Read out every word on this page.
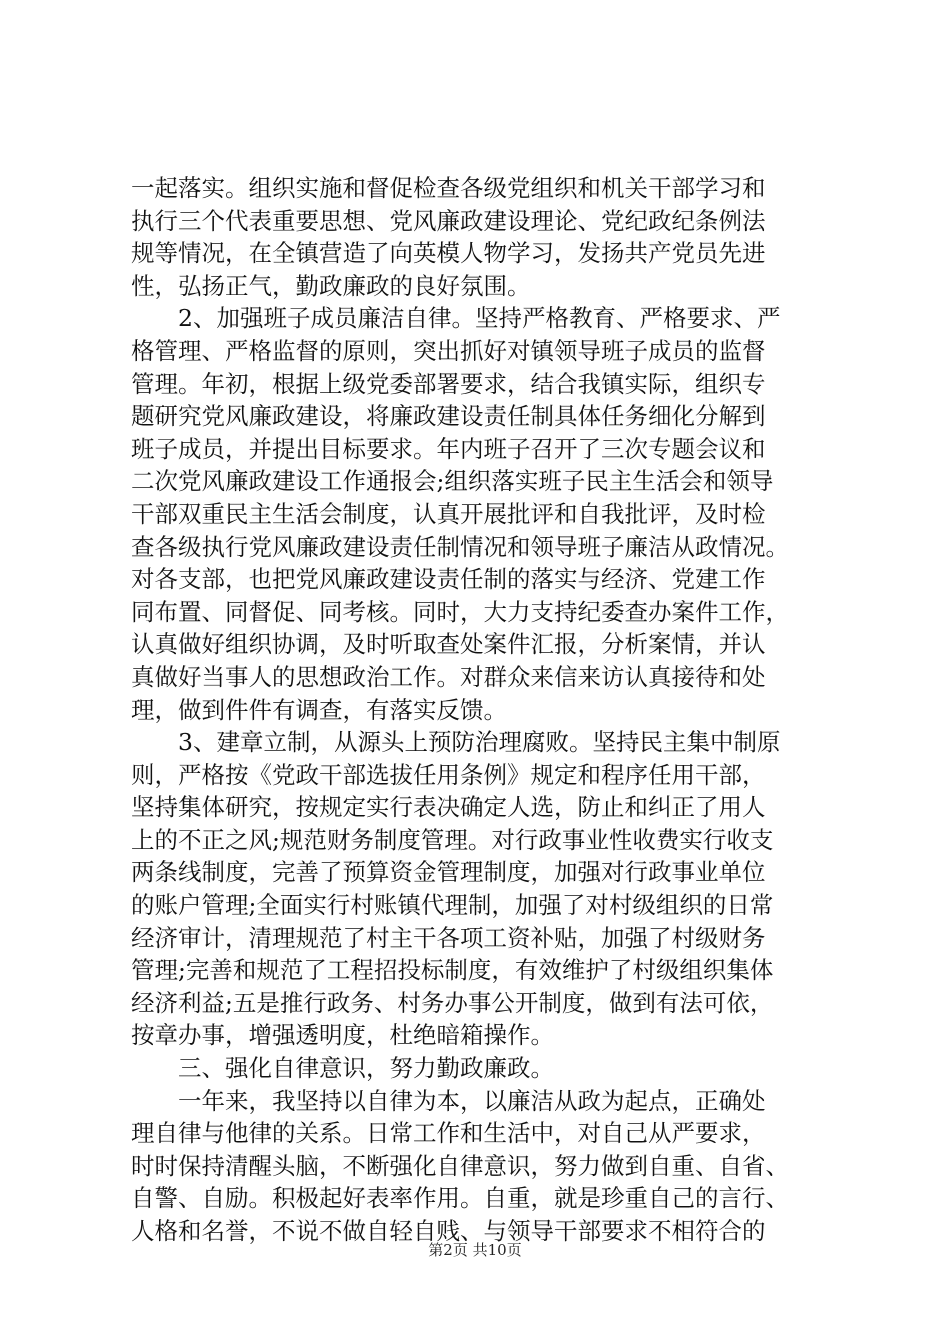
一起落实。组织实施和督促检查各级党组织和机关干部学习和
执行三个代表重要思想、党风廉政建设理论、党纪政纪条例法
规等情况，在全镇营造了向英模人物学习，发扬共产党员先进
性，弘扬正气，勤政廉政的良好氛围。
2、加强班子成员廉洁自律。坚持严格教育、严格要求、严
格管理、严格监督的原则，突出抓好对镇领导班子成员的监督
管理。年初，根据上级党委部署要求，结合我镇实际，组织专
题研究党风廉政建设，将廉政建设责任制具体任务细化分解到
班子成员，并提出目标要求。年内班子召开了三次专题会议和
二次党风廉政建设工作通报会;组织落实班子民主生活会和领导
干部双重民主生活会制度，认真开展批评和自我批评，及时检
查各级执行党风廉政建设责任制情况和领导班子廉洁从政情况。
对各支部，也把党风廉政建设责任制的落实与经济、党建工作
同布置、同督促、同考核。同时，大力支持纪委查办案件工作，
认真做好组织协调，及时听取查处案件汇报，分析案情，并认
真做好当事人的思想政治工作。对群众来信来访认真接待和处
理，做到件件有调查，有落实反馈。
3、建章立制，从源头上预防治理腐败。坚持民主集中制原
则，严格按《党政干部选拔任用条例》规定和程序任用干部，
坚持集体研究，按规定实行表决确定人选，防止和纠正了用人
上的不正之风;规范财务制度管理。对行政事业性收费实行收支
两条线制度，完善了预算资金管理制度，加强对行政事业单位
的账户管理;全面实行村账镇代理制，加强了对村级组织的日常
经济审计，清理规范了村主干各项工资补贴，加强了村级财务
管理;完善和规范了工程招投标制度，有效维护了村级组织集体
经济利益;五是推行政务、村务办事公开制度，做到有法可依，
按章办事，增强透明度，杜绝暗箱操作。
三、强化自律意识，努力勤政廉政。
一年来，我坚持以自律为本，以廉洁从政为起点，正确处
理自律与他律的关系。日常工作和生活中，对自己从严要求，
时时保持清醒头脑，不断强化自律意识，努力做到自重、自省、
自警、自励。积极起好表率作用。自重，就是珍重自己的言行、
人格和名誉，不说不做自轻自贱、与领导干部要求不相符合的
第2页 共10页
